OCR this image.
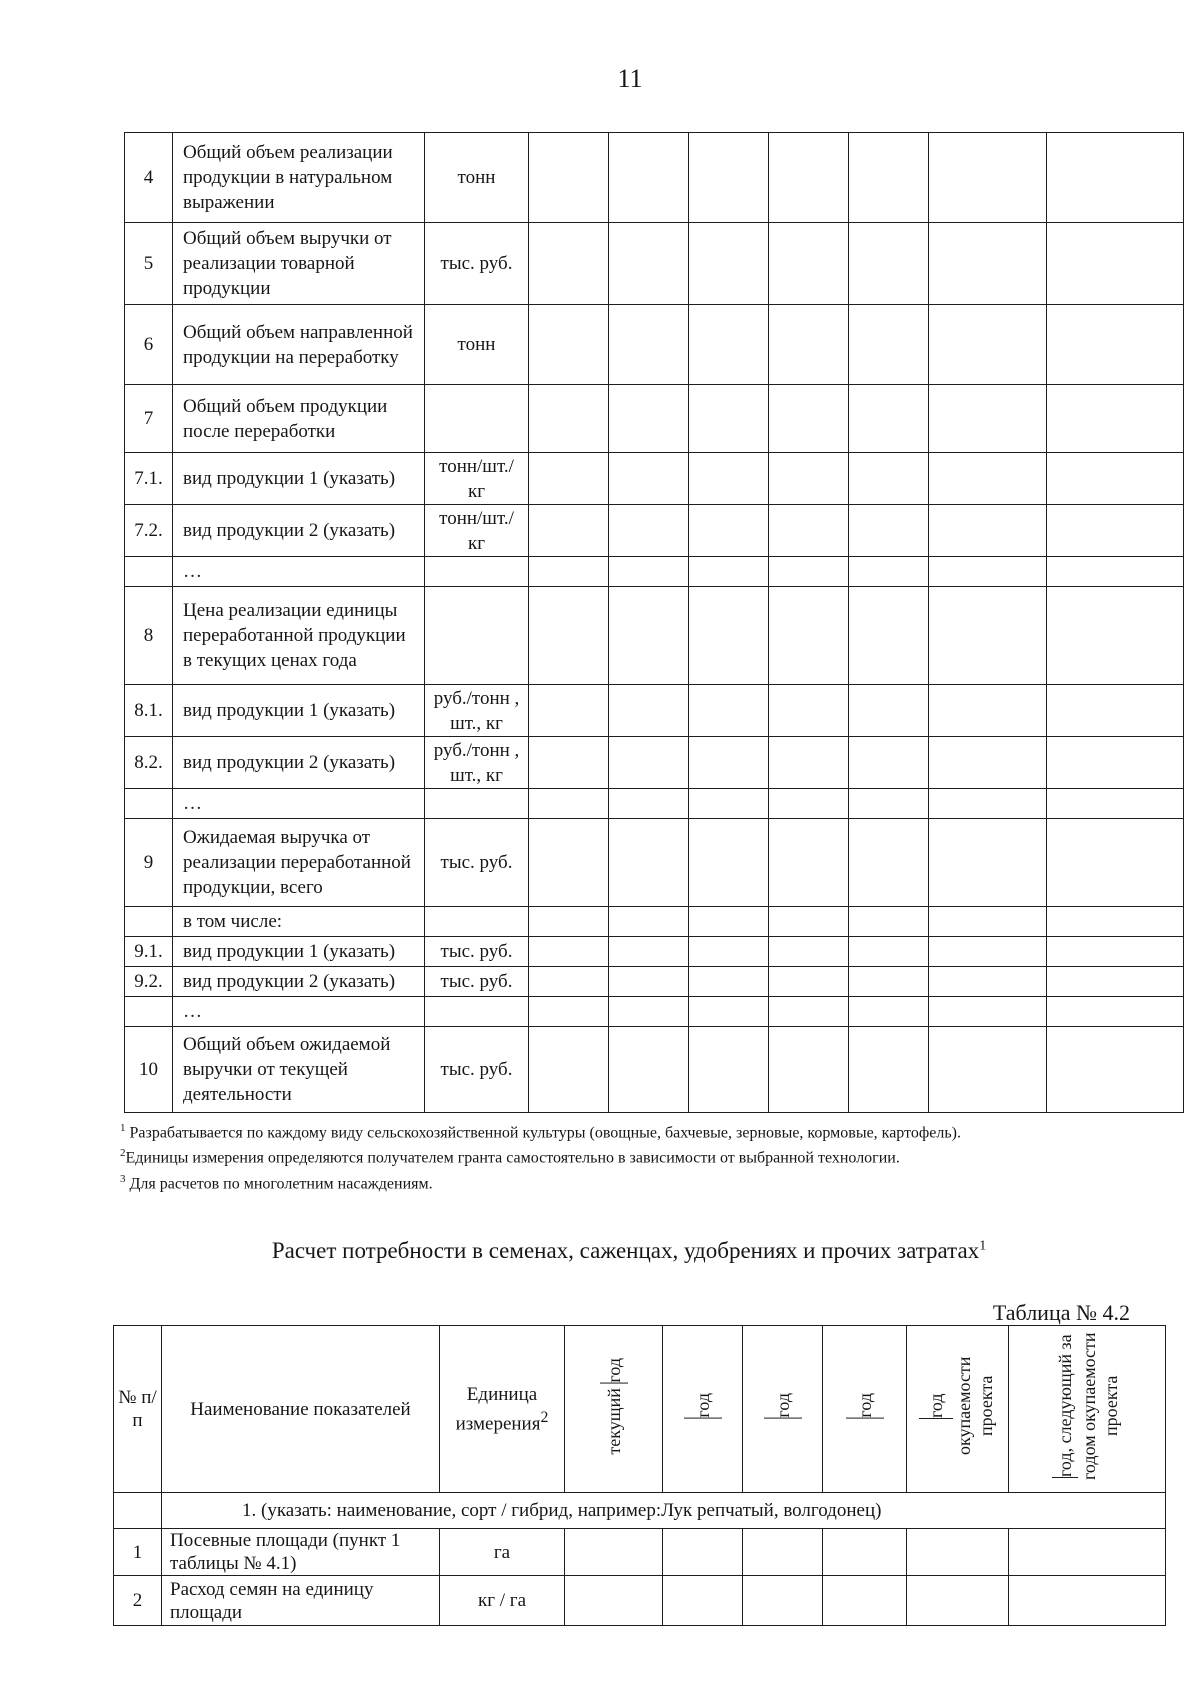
11
4	Общий объем реализации продукции в натуральном выражении	тонн							
5	Общий объем выручки от реализации товарной продукции	тыс. руб.							
6	Общий объем направленной продукции на переработку	тонн							
7	Общий объем продукции после переработки								
7.1.	вид продукции 1 (указать)	тонн/шт./ кг							
7.2.	вид продукции 2 (указать)	тонн/шт./ кг							
	…								
8	Цена реализации единицы переработанной продукции в текущих ценах года								
8.1.	вид продукции 1 (указать)	руб./тонн , шт., кг							
8.2.	вид продукции 2 (указать)	руб./тонн , шт., кг							
	…								
9	Ожидаемая выручка от реализации переработанной продукции, всего	тыс. руб.							
	в том числе:								
9.1.	вид продукции 1 (указать)	тыс. руб.							
9.2.	вид продукции 2 (указать)	тыс. руб.							
	…								
10	Общий объем ожидаемой выручки от текущей деятельности	тыс. руб.							

$^1$ Разрабатывается по каждому виду сельскохозяйственной культуры (овощные, бахчевые, зерновые, кормовые, картофель).

$^2$Единицы измерения определяются получателем гранта самостоятельно в зависимости от выбранной технологии.

$^3$ Для расчетов по многолетним насаждениям.

Расчет потребности в семенах, саженцах, удобрениях и прочих затратах$^1$
Таблица № 4.2
№ п/п	Наименование показателей	Единица измерения$^2$	текущий год	год	год	год	год окупаемости проекта	год, следующий за годом окупаемости проекта
	1. (указать: наименование, сорт / гибрид, например:Лук репчатый, волгодонец)							
1	Посевные площади (пункт 1 таблицы № 4.1)	га						
2	Расход семян на единицу площади	кг / га						
